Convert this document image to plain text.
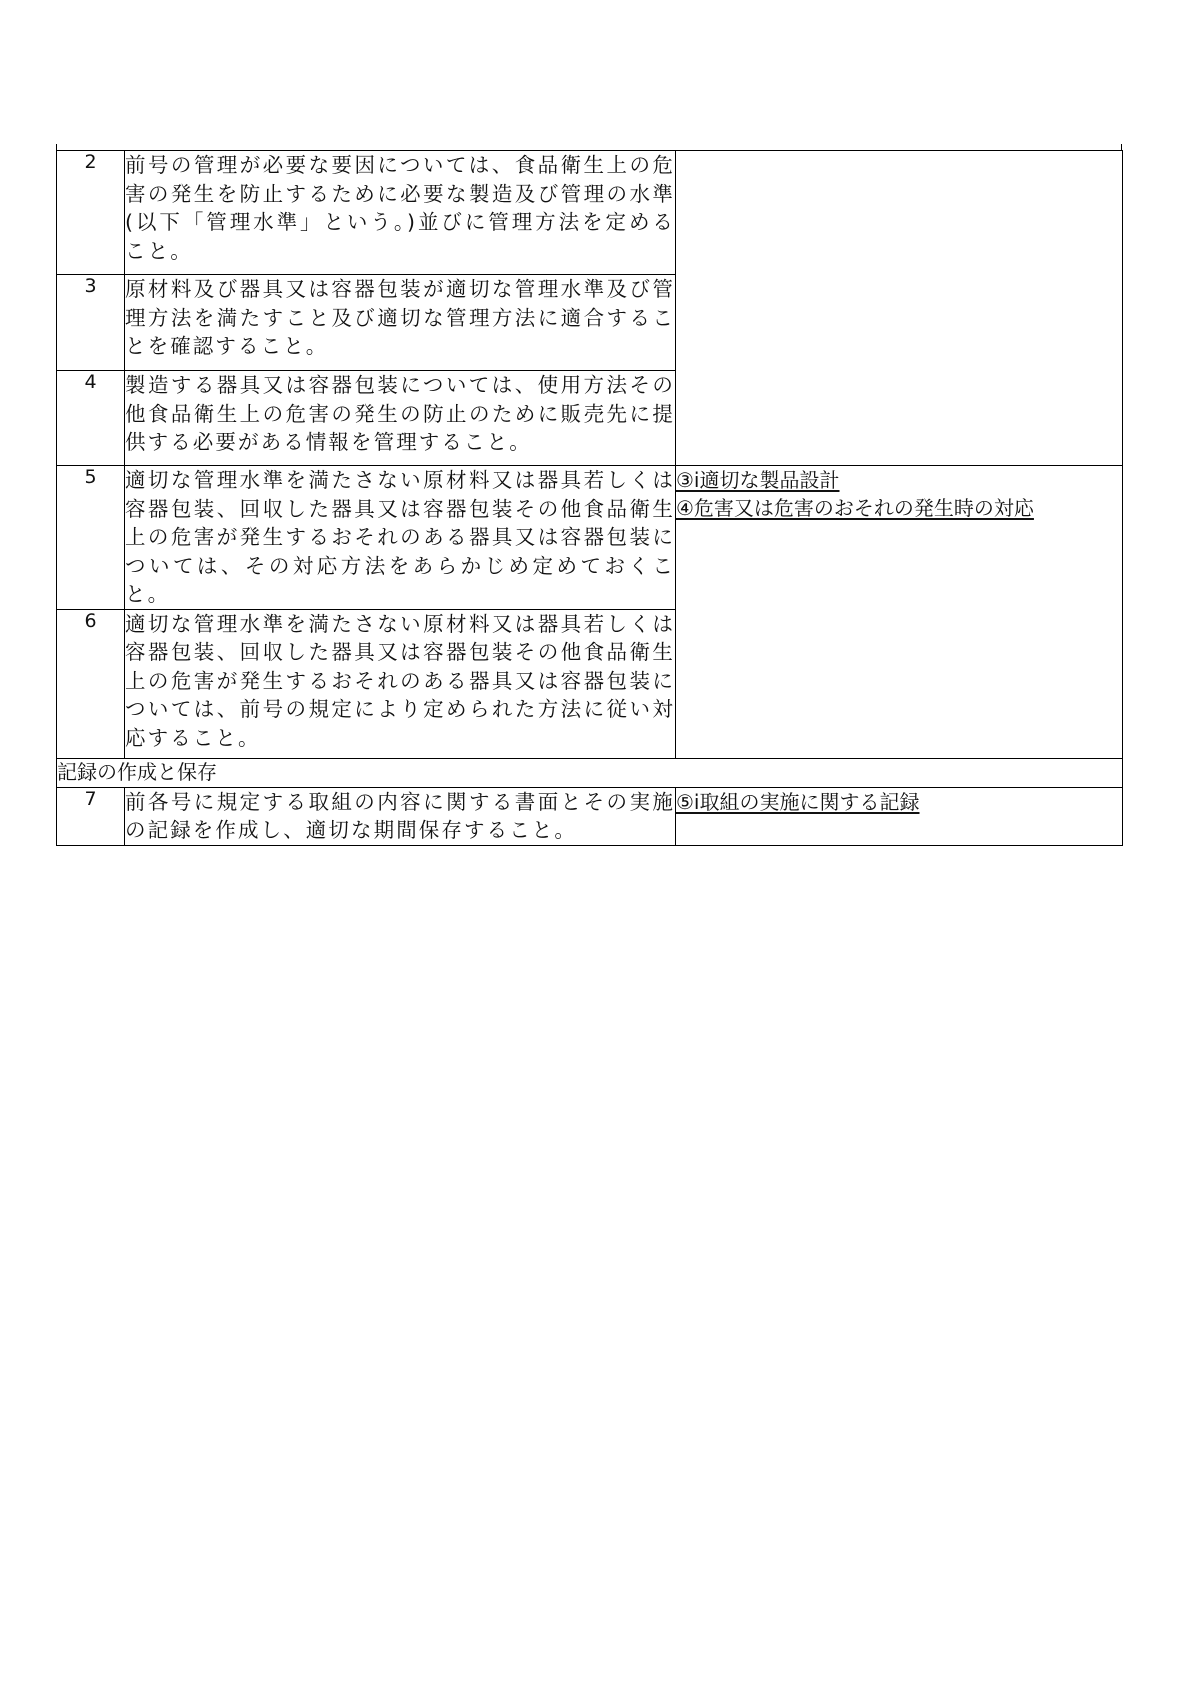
2	前号の管理が必要な要因については、食品衛生上の危害の発生を防止するために必要な製造及び管理の水準(以下「管理水準」という。)並びに管理方法を定めること。	
3	原材料及び器具又は容器包装が適切な管理水準及び管理方法を満たすこと及び適切な管理方法に適合することを確認すること。	
4	製造する器具又は容器包装については、使用方法その他食品衛生上の危害の発生の防止のために販売先に提供する必要がある情報を管理すること。	
5	適切な管理水準を満たさない原材料又は器具若しくは容器包装、回収した器具又は容器包装その他食品衛生上の危害が発生するおそれのある器具又は容器包装については、その対応方法をあらかじめ定めておくこと。	③ⅰ適切な製品設計
④危害又は危害のおそれの発生時の対応

6	適切な管理水準を満たさない原材料又は器具若しくは容器包装、回収した器具又は容器包装その他食品衛生上の危害が発生するおそれのある器具又は容器包装については、前号の規定により定められた方法に従い対応すること。	
記録の作成と保存		
7	前各号に規定する取組の内容に関する書面とその実施の記録を作成し、適切な期間保存すること。	⑤ⅰ取組の実施に関する記録
